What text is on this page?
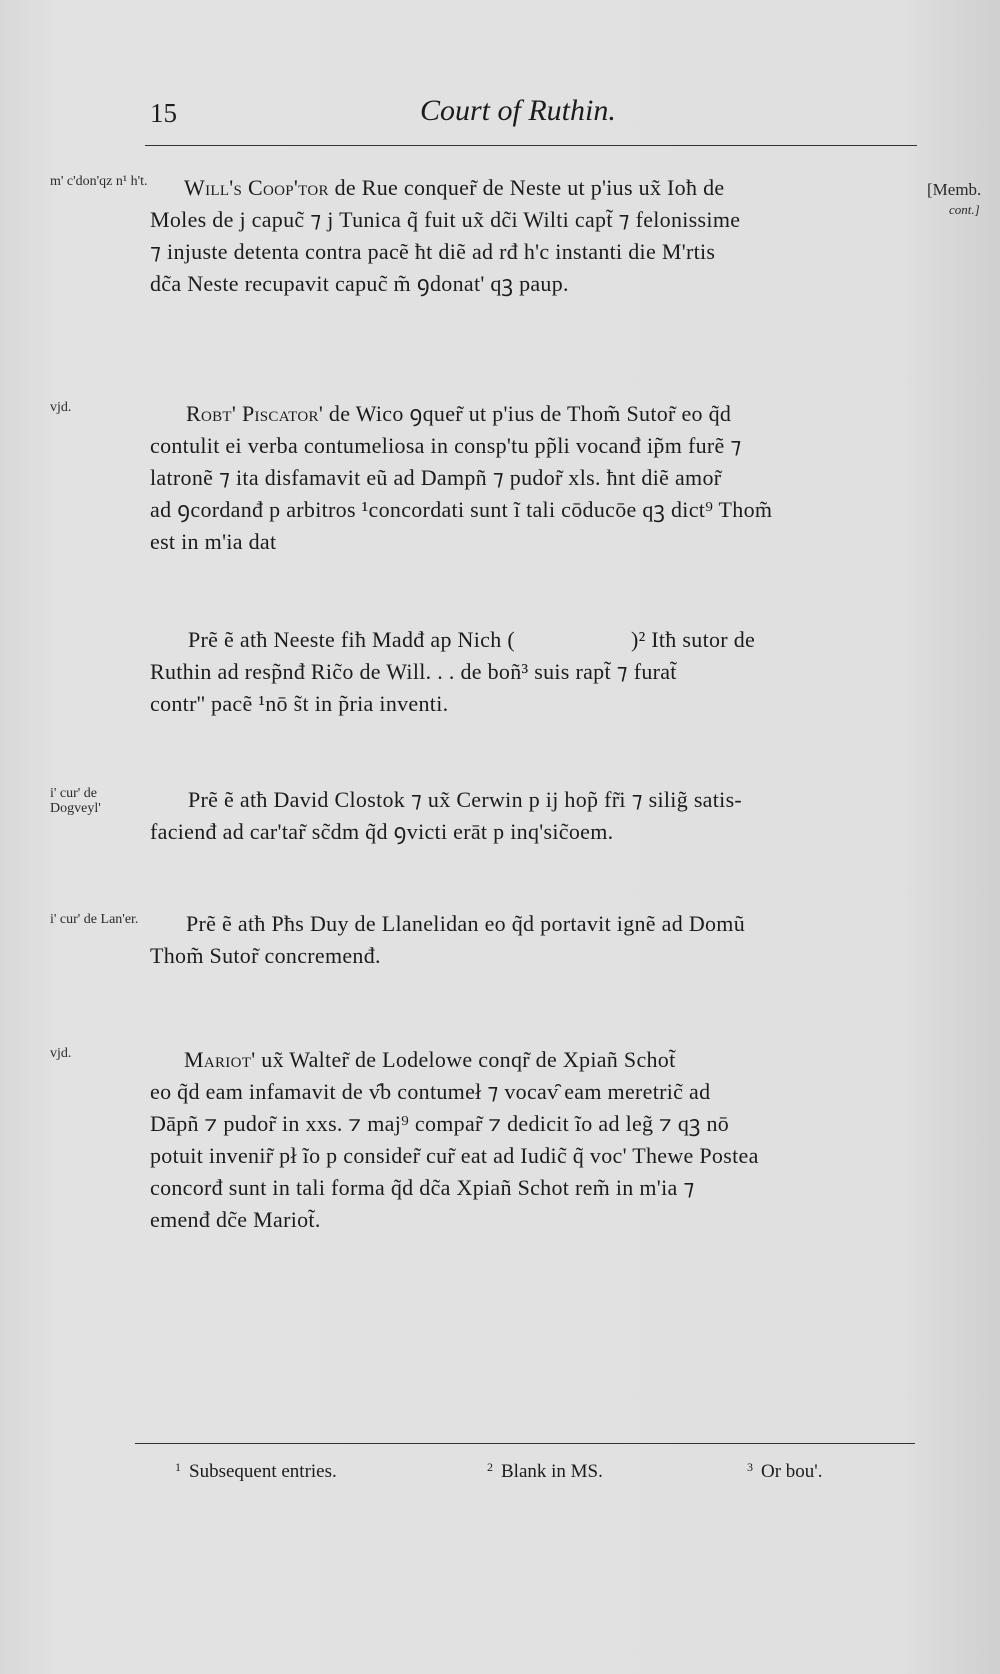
15	Court of Ruthin.
[Memb.
cont.]
m' c'don'qz n¹ h't.	Will's Coop'tor de Rue conquer̃ de Neste ut p'ius ux̃ Ioħ de
Moles de j capuc̃ ⁊ j Tunica q̃ fuit ux̃ dc̃i Wilti capt̃ ⁊ felonissime
⁊ injuste detenta contra pacẽ ħt diẽ ad rđ h'c instanti die M'rtis
dc̃a Neste recupavit capuc̃ m̃ ꝯdonat' qꝫ paup.
vjd.	Robt' Piscator' de Wico ꝯquer̃ ut p'ius de Thom̃ Sutor̃ eo q̃d
contulit ei verba contumeliosa in consp'tu pp̃li vocanđ ip̃m furẽ ⁊
latronẽ ⁊ ita disfamavit eũ ad Dampñ ⁊ pudor̃ xls. ħnt diẽ amor̃
ad ꝯcordanđ p arbitros ¹concordati sunt ĩ tali cōducōe qꝫ dict⁹ Thom̃
est in m'ia dat
Prẽ ẽ atħ Neeste fiħ Madđ ap Nich (                    )² Itħ sutor de
Ruthin ad resp̃nđ Ric̃o de Will. . . de boñ³ suis rapt̃ ⁊ furat̃
contr'' pacẽ ¹nō s̃t in p̃ria inventi.
i' cur' de Dogveyl'	Prẽ ẽ atħ David Clostok ⁊ ux̃ Cerwin p ij hop̃ fr̃i ⁊ silig̃ satis-
facienđ ad car'tar̃ sc̃dm q̃d ꝯvicti erāt p inq'sic̃oem.
i' cur' de Lan'er.	Prẽ ẽ atħ Pħs Duy de Llanelidan eo q̃d portavit ignẽ ad Domũ
Thom̃ Sutor̃ concremenđ.
vjd.	Mariot' ux̃ Walter̃ de Lodelowe conqr̃ de Xpiañ Schot̃
eo q̃d eam infamavit de v̑b contumeł ⁊ vocav̑ eam meretric̃ ad
Dāpñ ⁊ pudor̃ in xxs. ⁊ maj⁹ compar̃ ⁊ dedicit ĩo ad leg̃ ⁊ qꝫ nō
potuit invenir̃ pł ĩo p consider̃ cur̃ eat ad Iudic̃ q̃ voc' Thewe Postea
concorđ sunt in tali forma q̃d dc̃a Xpiañ Schot rem̃ in m'ia ⁊
emenđ dc̃e Mariot̃.
$^1$ Subsequent entries.	$^2$ Blank in MS.	$^3$ Or bou'.
